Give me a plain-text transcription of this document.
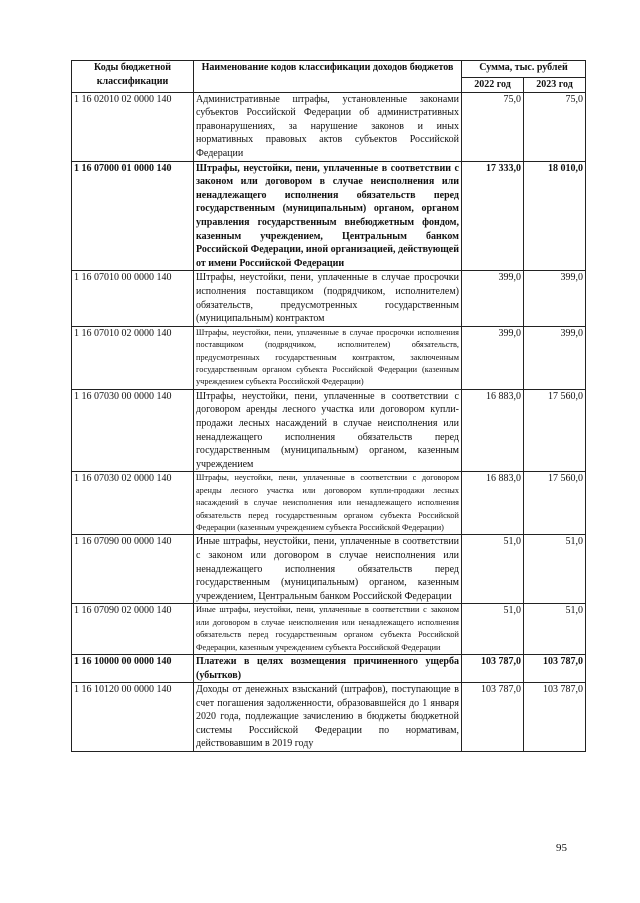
Коды бюджетной классификации	Наименование кодов классификации доходов бюджетов	Сумма, тыс. рублей	
		2022 год	2023 год
1 16 02010 02 0000 140	Административные штрафы, установленные законами субъектов Российской Федерации об административных правонарушениях, за нарушение законов и иных нормативных правовых актов субъектов Российской Федерации	75,0	75,0
1 16 07000 01 0000 140	Штрафы, неустойки, пени, уплаченные в соответствии с законом или договором в случае неисполнения или ненадлежащего исполнения обязательств перед государственным (муниципальным) органом, органом управления государственным внебюджетным фондом, казенным учреждением, Центральным банком Российской Федерации, иной организацией, действующей от имени Российской Федерации	17 333,0	18 010,0
1 16 07010 00 0000 140	Штрафы, неустойки, пени, уплаченные в случае просрочки исполнения поставщиком (подрядчиком, исполнителем) обязательств, предусмотренных государственным (муниципальным) контрактом	399,0	399,0
1 16 07010 02 0000 140	Штрафы, неустойки, пени, уплаченные в случае просрочки исполнения поставщиком (подрядчиком, исполнителем) обязательств, предусмотренных государственным контрактом, заключенным государственным органом субъекта Российской Федерации (казенным учреждением субъекта Российской Федерации)	399,0	399,0
1 16 07030 00 0000 140	Штрафы, неустойки, пени, уплаченные в соответствии с договором аренды лесного участка или договором купли-продажи лесных насаждений в случае неисполнения или ненадлежащего исполнения обязательств перед государственным (муниципальным) органом, казенным учреждением	16 883,0	17 560,0
1 16 07030 02 0000 140	Штрафы, неустойки, пени, уплаченные в соответствии с договором аренды лесного участка или договором купли-продажи лесных насаждений в случае неисполнения или ненадлежащего исполнения обязательств перед государственным органом субъекта Российской Федерации (казенным учреждением субъекта Российской Федерации)	16 883,0	17 560,0
1 16 07090 00 0000 140	Иные штрафы, неустойки, пени, уплаченные в соответствии с законом или договором в случае неисполнения или ненадлежащего исполнения обязательств перед государственным (муниципальным) органом, казенным учреждением, Центральным банком Российской Федерации	51,0	51,0
1 16 07090 02 0000 140	Иные штрафы, неустойки, пени, уплаченные в соответствии с законом или договором в случае неисполнения или ненадлежащего исполнения обязательств перед государственным органом субъекта Российской Федерации, казенным учреждением субъекта Российской Федерации	51,0	51,0
1 16 10000 00 0000 140	Платежи в целях возмещения причиненного ущерба (убытков)	103 787,0	103 787,0
1 16 10120 00 0000 140	Доходы от денежных взысканий (штрафов), поступающие в счет погашения задолженности, образовавшейся до 1 января 2020 года, подлежащие зачислению в бюджеты бюджетной системы Российской Федерации по нормативам, действовавшим в 2019 году	103 787,0	103 787,0
95
